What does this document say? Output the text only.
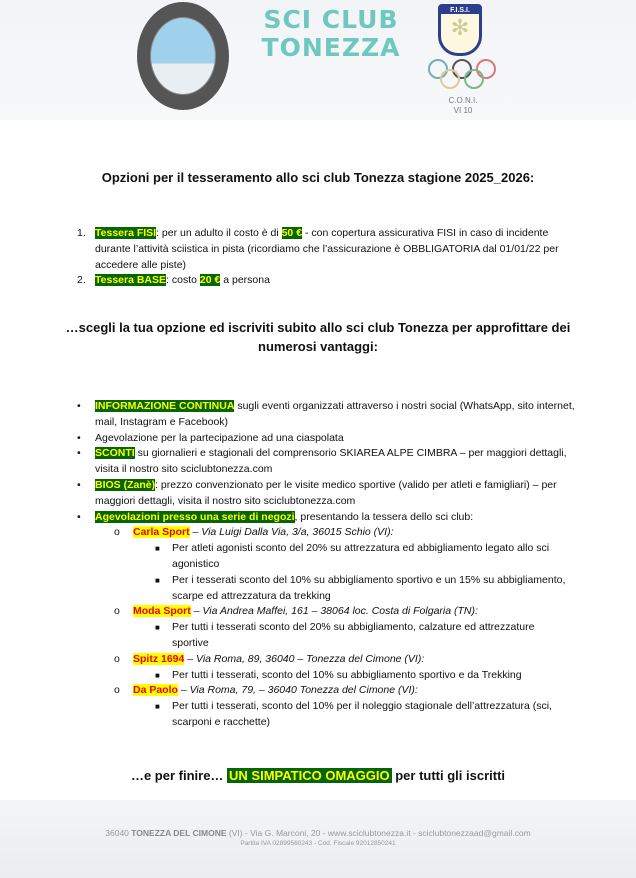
SCI CLUB
TONEZZA
F.I.S.I.
✻
C.O.N.I.
VI 10
Opzioni per il tesseramento allo sci club Tonezza stagione 2025_2026:
1. Tessera FISI: per un adulto il costo è di 50 € - con copertura assicurativa FISI in caso di incidente durante l’attività sciistica in pista (ricordiamo che l’assicurazione è OBBLIGATORIA dal 01/01/22 per accedere alle piste)
2. Tessera BASE: costo 20 € a persona
…scegli la tua opzione ed iscriviti subito allo sci club Tonezza per approfittare dei numerosi vantaggi:
• INFORMAZIONE CONTINUA sugli eventi organizzati attraverso i nostri social (WhatsApp, sito internet, mail, Instagram e Facebook)
• Agevolazione per la partecipazione ad una ciaspolata
• SCONTI su giornalieri e stagionali del comprensorio SKIAREA ALPE CIMBRA – per maggiori dettagli, visita il nostro sito sciclubtonezza.com
• BIOS (Zanè): prezzo convenzionato per le visite medico sportive (valido per atleti e famigliari) – per maggiori dettagli, visita il nostro sito sciclubtonezza.com
• Agevolazioni presso una serie di negozi, presentando la tessera dello sci club:
o Carla Sport – Via Luigi Dalla Via, 3/a, 36015 Schio (VI):
■ Per atleti agonisti sconto del 20% su attrezzatura ed abbigliamento legato allo sci agonistico
■ Per i tesserati sconto del 10% su abbigliamento sportivo e un 15% su abbigliamento, scarpe ed attrezzatura da trekking
o Moda Sport – Via Andrea Maffei, 161 – 38064 loc. Costa di Folgaria (TN):
■ Per tutti i tesserati sconto del 20% su abbigliamento, calzature ed attrezzature sportive
o Spitz 1694 – Via Roma, 89, 36040 – Tonezza del Cimone (VI):
■ Per tutti i tesserati, sconto del 10% su abbigliamento sportivo e da Trekking
o Da Paolo – Via Roma, 79, – 36040 Tonezza del Cimone (VI):
■ Per tutti i tesserati, sconto del 10% per il noleggio stagionale dell’attrezzatura (sci, scarponi e racchette)
…e per finire… UN SIMPATICO OMAGGIO per tutti gli iscritti
36040 TONEZZA DEL CIMONE (VI) - Via G. Marconi, 20 - www.sciclubtonezza.it - sciclubtonezzaad@gmail.com
Partita IVA 02899560243 - Cod. Fiscale 92012850241
